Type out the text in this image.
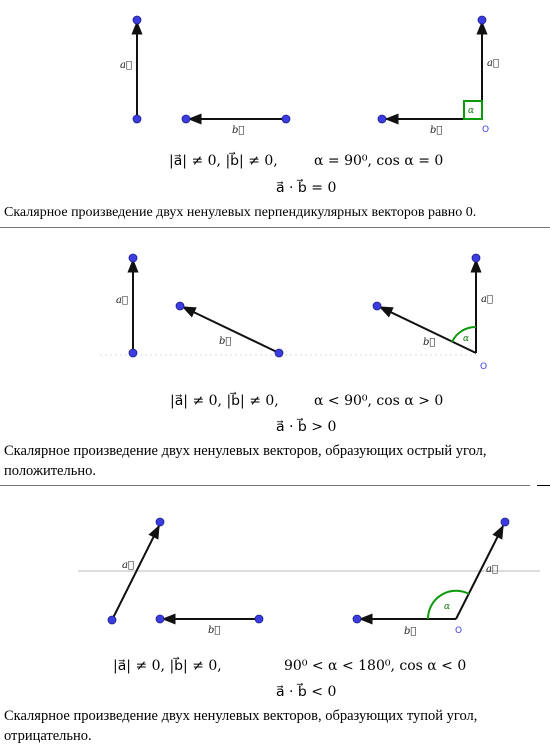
a⃗
b⃗
α
a⃗
b⃗	O
|a⃗| ≠ 0, |b⃗| ≠ 0,	α = 90⁰, cos α = 0
a⃗ · b⃗ = 0
Скалярное произведение двух ненулевых перпендикулярных векторов равно 0.
a⃗
b⃗	α
a⃗
b⃗
O
|a⃗| ≠ 0, |b⃗| ≠ 0,	α < 90⁰, cos α > 0
a⃗ · b⃗ > 0
Скалярное произведение двух ненулевых векторов, образующих острый угол,
положительно.
a⃗
b⃗
α
a⃗
b⃗	O
|a⃗| ≠ 0, |b⃗| ≠ 0,	90⁰ < α < 180⁰, cos α < 0
a⃗ · b⃗ < 0
Скалярное произведение двух ненулевых векторов, образующих тупой угол,
отрицательно.
